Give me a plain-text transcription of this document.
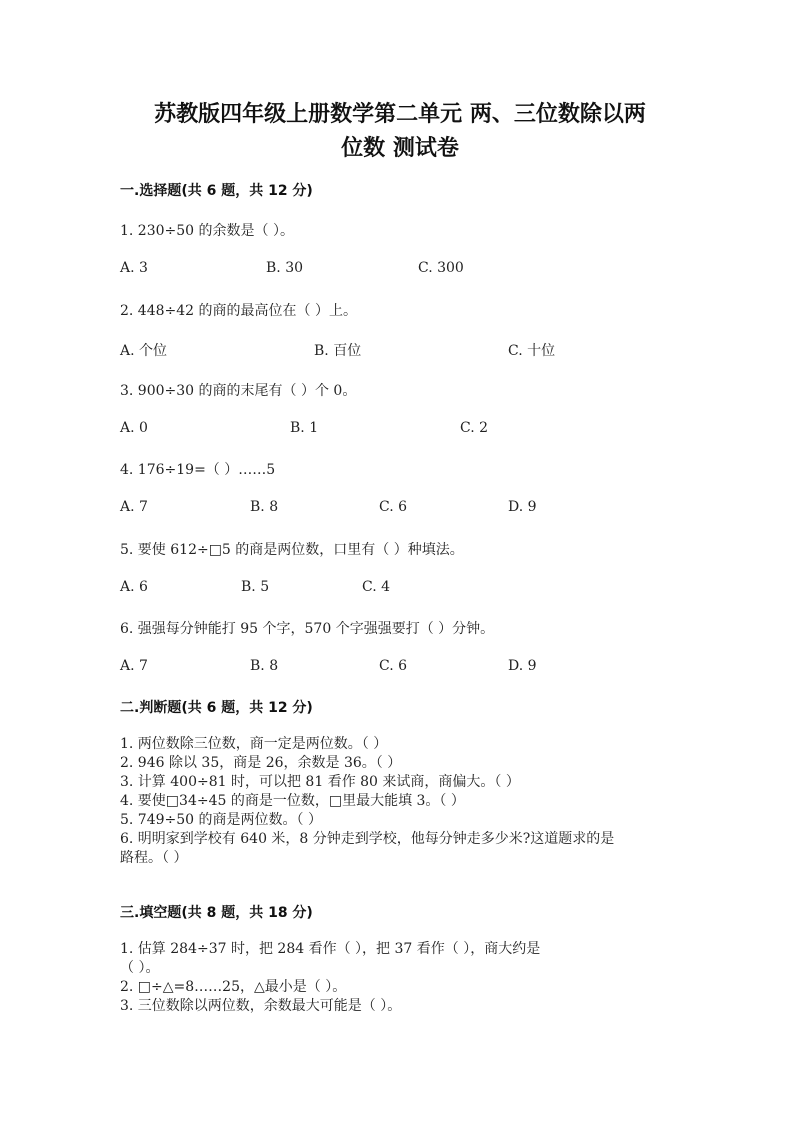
苏教版四年级上册数学第二单元 两、三位数除以两
位数 测试卷
一.选择题(共 6 题，共 12 分)
1. 230÷50 的余数是（ ）。
A. 3	B. 30	C. 300
2. 448÷42 的商的最高位在（ ）上。
A. 个位	B. 百位	C. 十位
3. 900÷30 的商的末尾有（ ）个 0。
A. 0	B. 1	C. 2
4. 176÷19=（ ）……5
A. 7	B. 8	C. 6	D. 9
5. 要使 612÷□5 的商是两位数，口里有（ ）种填法。
A. 6	B. 5	C. 4
6. 强强每分钟能打 95 个字，570 个字强强要打（ ）分钟。
A. 7	B. 8	C. 6	D. 9
二.判断题(共 6 题，共 12 分)
1. 两位数除三位数，商一定是两位数。（ ）
2. 946 除以 35，商是 26，余数是 36。（ ）
3. 计算 400÷81 时，可以把 81 看作 80 来试商，商偏大。（ ）
4. 要使□34÷45 的商是一位数，□里最大能填 3。（ ）
5. 749÷50 的商是两位数。（ ）
6. 明明家到学校有 640 米，8 分钟走到学校，他每分钟走多少米?这道题求的是
路程。（ ）
三.填空题(共 8 题，共 18 分)
1. 估算 284÷37 时，把 284 看作（ ），把 37 看作（ ），商大约是
（ ）。
2. □÷△=8……25，△最小是（ ）。
3. 三位数除以两位数，余数最大可能是（ ）。
